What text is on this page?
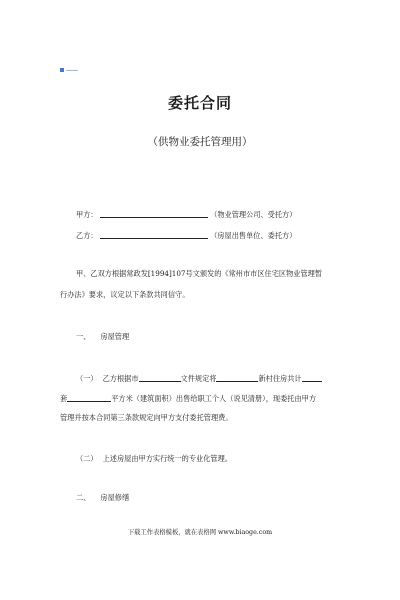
委托合同
（供物业委托管理用）
甲方：	（物业管理公司、受托方）
乙方：	（房屋出售单位、委托方）
甲、乙双方根据常政发[1994]107号文颁发的《常州市市区住宅区物业管理暂
行办法》要求，议定以下条款共同信守。
一、 房屋管理
（一） 乙方根据市	文件规定将	新村住房共计
套	平方米（建筑面积）出售给职工个人（说见清册），现委托由甲方
管理并按本合同第三条款规定向甲方支付委托管理费。
（二） 上述房屋由甲方实行统一的专业化管理。
二、 房屋修缮
下载工作表格模板，就在表格网 www.biaoge.com
